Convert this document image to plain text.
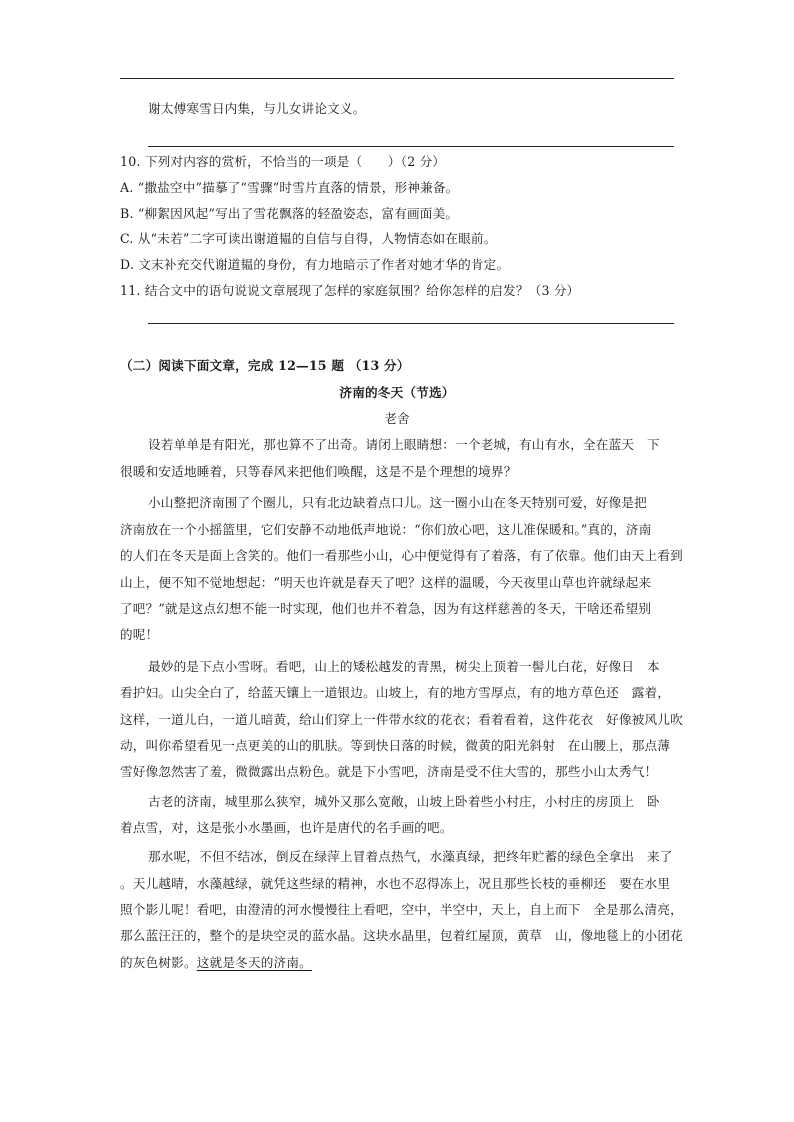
谢太傅寒雪日内集，与儿女讲论文义。
10. 下列对内容的赏析，不恰当的一项是（　　）（2 分）
A. “撒盐空中”描摹了“雪骤”时雪片直落的情景，形神兼备。
B. “柳絮因风起”写出了雪花飘落的轻盈姿态，富有画面美。
C. 从“未若”二字可读出谢道韫的自信与自得，人物情态如在眼前。
D. 文末补充交代谢道韫的身份，有力地暗示了作者对她才华的肯定。
11. 结合文中的语句说说文章展现了怎样的家庭氛围？给你怎样的启发？（3 分）
（二）阅读下面文章，完成 12—15 题 （13 分）
济南的冬天（节选）
老舍
设若单单是有阳光，那也算不了出奇。请闭上眼睛想：一个老城，有山有水，全在蓝天　下
很暖和安适地睡着，只等春风来把他们唤醒，这是不是个理想的境界？
小山整把济南围了个圈儿，只有北边缺着点口儿。这一圈小山在冬天特别可爱，好像是把
济南放在一个小摇篮里，它们安静不动地低声地说：“你们放心吧，这儿准保暖和。”真的，济南
的人们在冬天是面上含笑的。他们一看那些小山，心中便觉得有了着落，有了依靠。他们由天上看到
山上，便不知不觉地想起：“明天也许就是春天了吧？这样的温暖，今天夜里山草也许就绿起来
了吧？”就是这点幻想不能一时实现，他们也并不着急，因为有这样慈善的冬天，干啥还希望别
的呢！
最妙的是下点小雪呀。看吧，山上的矮松越发的青黑，树尖上顶着一髻儿白花，好像日　本
看护妇。山尖全白了，给蓝天镶上一道银边。山坡上，有的地方雪厚点，有的地方草色还　露着，
这样，一道儿白，一道儿暗黄，给山们穿上一件带水纹的花衣；看着看着，这件花衣　好像被风儿吹
动，叫你希望看见一点更美的山的肌肤。等到快日落的时候，微黄的阳光斜射　在山腰上，那点薄
雪好像忽然害了羞，微微露出点粉色。就是下小雪吧，济南是受不住大雪的，那些小山太秀气！
古老的济南，城里那么狭窄，城外又那么宽敞，山坡上卧着些小村庄，小村庄的房顶上　卧
着点雪，对，这是张小水墨画，也许是唐代的名手画的吧。
那水呢，不但不结冰，倒反在绿萍上冒着点热气，水藻真绿，把终年贮蓄的绿色全拿出　来了
。天儿越晴，水藻越绿，就凭这些绿的精神，水也不忍得冻上，况且那些长枝的垂柳还　要在水里
照个影儿呢！看吧，由澄清的河水慢慢往上看吧，空中，半空中，天上，自上而下　全是那么清亮，
那么蓝汪汪的，整个的是块空灵的蓝水晶。这块水晶里，包着红屋顶，黄草　山，像地毯上的小团花
的灰色树影。这就是冬天的济南。
